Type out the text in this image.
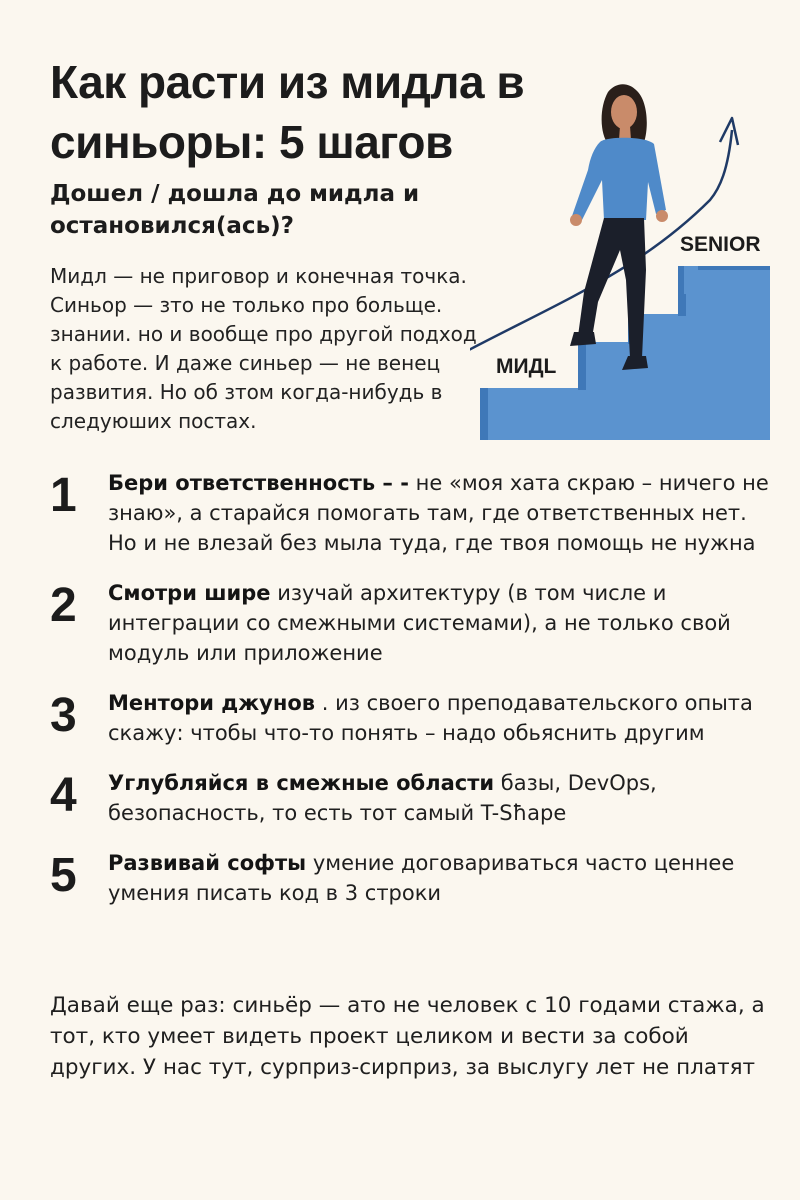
Как расти из мидла в синьоры: 5 шагов

Дошел / дошла до мидла и остановился(ась)?

Мидл — не приговор и конечная точка. Синьор — зто не только про больще. знании. но и вообще про другой подход к работе. И даже синьер — не венец развития. Но об зтом когда-нибудь в следуюших постах.

SENIOR
МИДL
1 Бери ответственность – - не «моя хата скраю – ничего не знаю», а старайся помогать там, где ответственных нет. Но и не влезай без мыла туда, где твоя помощь не нужна
2 Смотри шире изучай архитектуру (в том числе и интеграции со смежными системами), а не только свой модуль или приложение
3 Ментори джунов . из своего преподавательского опыта скажу: чтобы что-то понять – надо обьяснить другим
4 Углубляйся в смежные области базы, DevOps, безопасность, то есть тот самый T-Sħape
5 Развивай софты умение договариваться часто ценнее умения писать код в 3 строки

Давай еще раз: синьёр — ато не человек с 10 годами стажа, а тот, кто умеет видеть проект целиком и вести за собой других. У нас тут, сурприз-сирприз, за выслугу лет не платят
